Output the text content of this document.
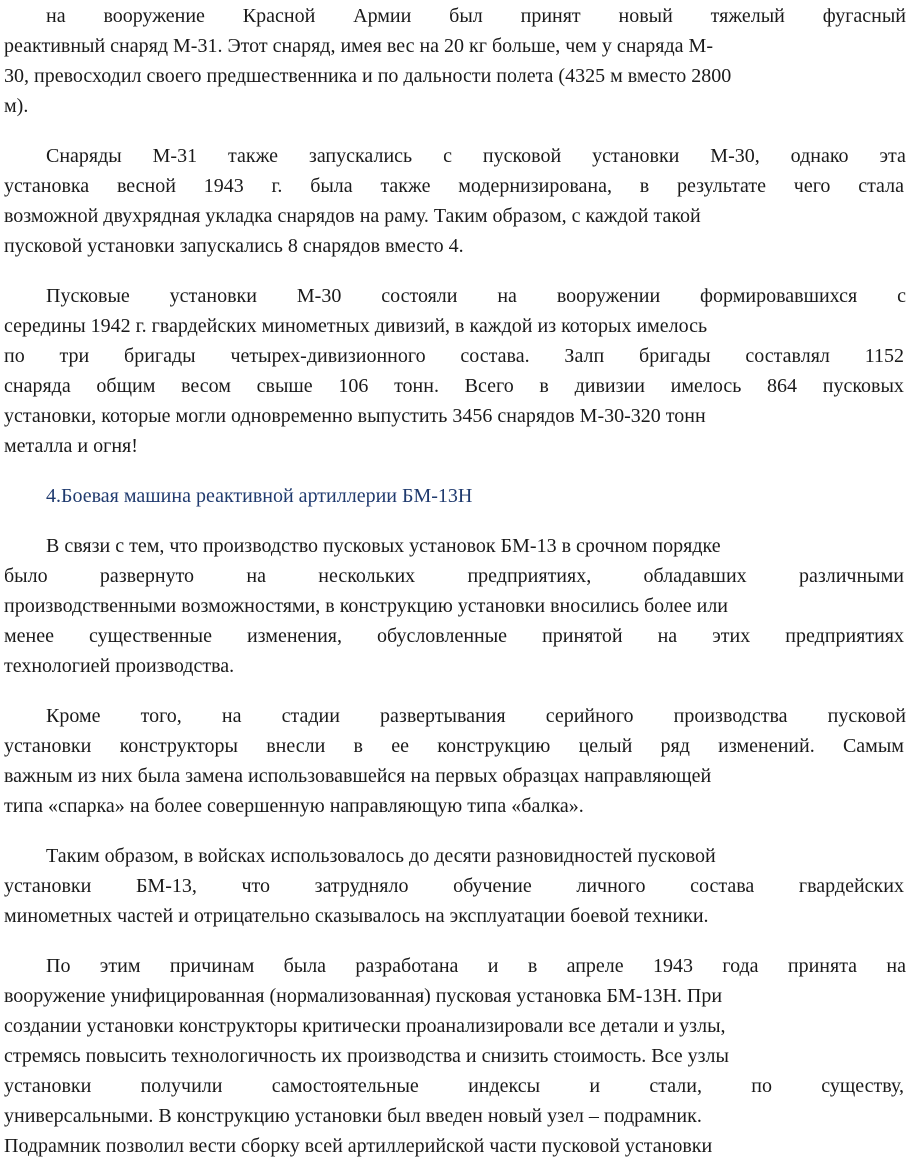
на вооружение Красной Армии был принят новый тяжелый фугасный
реактивный снаряд М-31. Этот снаряд, имея вес на 20 кг больше, чем у снаряда М-
30, превосходил своего предшественника и по дальности полета (4325 м вместо 2800
м).
Снаряды М-31 также запускались с пусковой установки М-30, однако эта
установка весной 1943 г. была также модернизирована, в результате чего стала
возможной двухрядная укладка снарядов на раму. Таким образом, с каждой такой
пусковой установки запускались 8 снарядов вместо 4.
Пусковые установки М-30 состояли на вооружении формировавшихся с
середины 1942 г. гвардейских минометных дивизий, в каждой из которых имелось
по три бригады четырех-дивизионного состава. Залп бригады составлял 1152
снаряда общим весом свыше 106 тонн. Всего в дивизии имелось 864 пусковых
установки, которые могли одновременно выпустить 3456 снарядов М-30-320 тонн
металла и огня!
4.Боевая машина реактивной артиллерии БМ-13Н
В связи с тем, что производство пусковых установок БМ-13 в срочном порядке
было	развернуто	на	нескольких	предприятиях,	обладавших	различными
производственными возможностями, в конструкцию установки вносились более или
менее существенные изменения, обусловленные принятой на этих предприятиях
технологией производства.
Кроме того, на стадии развертывания серийного производства пусковой
установки конструкторы внесли в ее конструкцию целый ряд изменений. Самым
важным из них была замена использовавшейся на первых образцах направляющей
типа «спарка» на более совершенную направляющую типа «балка».
Таким образом, в войсках использовалось до десяти разновидностей пусковой
установки БМ-13, что затрудняло обучение личного состава гвардейских
минометных частей и отрицательно сказывалось на эксплуатации боевой техники.
По этим причинам была разработана и в апреле 1943 года принята на
вооружение унифицированная (нормализованная) пусковая установка БМ-13Н. При
создании установки конструкторы критически проанализировали все детали и узлы,
стремясь повысить технологичность их производства и снизить стоимость. Все узлы
установки получили самостоятельные индексы и стали, по существу,
универсальными. В конструкцию установки был введен новый узел – подрамник.
Подрамник позволил вести сборку всей артиллерийской части пусковой установки
